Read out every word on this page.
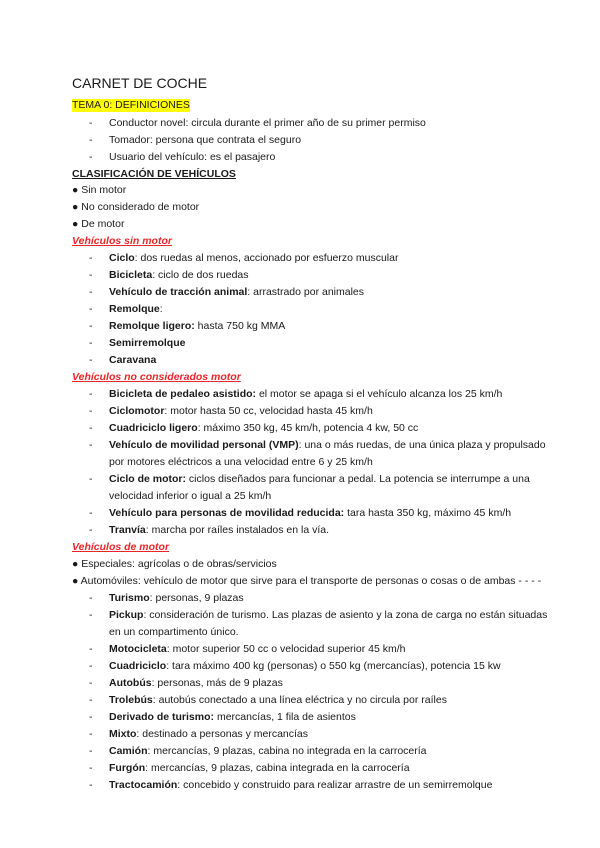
CARNET DE COCHE
TEMA 0: DEFINICIONES
- Conductor novel: circula durante el primer año de su primer permiso
- Tomador: persona que contrata el seguro
- Usuario del vehículo: es el pasajero
CLASIFICACIÓN DE VEHÍCULOS
● Sin motor
● No considerado de motor
● De motor
Vehículos sin motor
- Ciclo: dos ruedas al menos, accionado por esfuerzo muscular
- Bicicleta: ciclo de dos ruedas
- Vehículo de tracción animal: arrastrado por animales
- Remolque:
- Remolque ligero: hasta 750 kg MMA
- Semirremolque
- Caravana
Vehículos no considerados motor
- Bicicleta de pedaleo asistido: el motor se apaga si el vehículo alcanza los 25 km/h
- Ciclomotor: motor hasta 50 cc, velocidad hasta 45 km/h
- Cuadriciclo ligero: máximo 350 kg, 45 km/h, potencia 4 kw, 50 cc
- Vehículo de movilidad personal (VMP): una o más ruedas, de una única plaza y propulsado por motores eléctricos a una velocidad entre 6 y 25 km/h
- Ciclo de motor: ciclos diseñados para funcionar a pedal. La potencia se interrumpe a una velocidad inferior o igual a 25 km/h
- Vehículo para personas de movilidad reducida: tara hasta 350 kg, máximo 45 km/h
- Tranvía: marcha por raíles instalados en la vía.
Vehículos de motor
● Especiales: agrícolas o de obras/servicios
● Automóviles: vehículo de motor que sirve para el transporte de personas o cosas o de ambas - - - -
- Turismo: personas, 9 plazas
- Pickup: consideración de turismo. Las plazas de asiento y la zona de carga no están situadas en un compartimento único.
- Motocicleta: motor superior 50 cc o velocidad superior 45 km/h
- Cuadriciclo: tara máximo 400 kg (personas) o 550 kg (mercancías), potencia 15 kw
- Autobús: personas, más de 9 plazas
- Trolebús: autobús conectado a una línea eléctrica y no circula por raíles
- Derivado de turismo: mercancías, 1 fila de asientos
- Mixto: destinado a personas y mercancías
- Camión: mercancías, 9 plazas, cabina no integrada en la carrocería
- Furgón: mercancías, 9 plazas, cabina integrada en la carrocería
- Tractocamión: concebido y construido para realizar arrastre de un semirremolque
